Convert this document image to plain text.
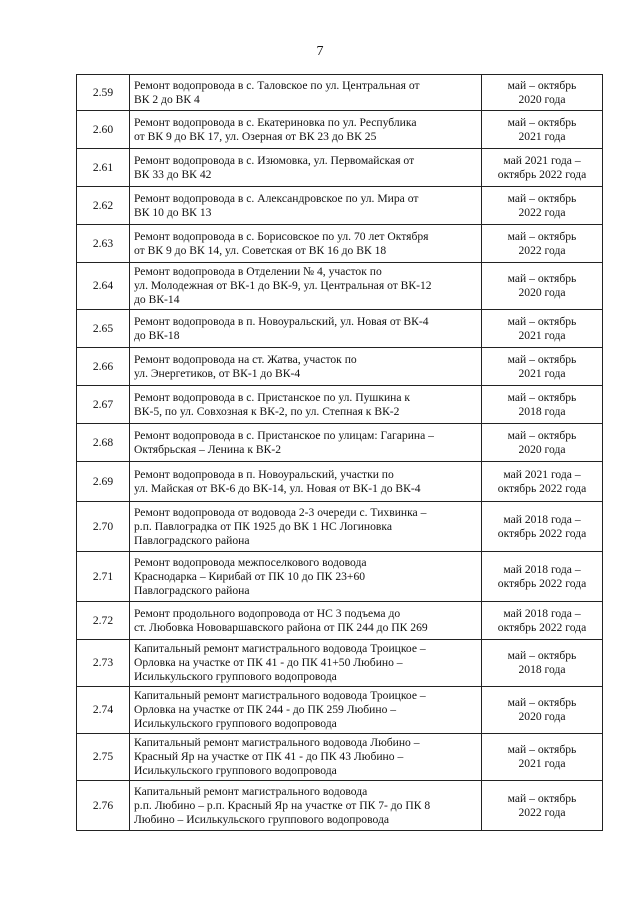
7
2.59	Ремонт водопровода в с. Таловское по ул. Центральная от
ВК 2 до ВК 4	май – октябрь
2020 года

2.60	Ремонт водопровода в с. Екатериновка по ул. Республика
от ВК 9 до ВК 17, ул. Озерная от ВК 23 до ВК 25	май – октябрь
2021 года

2.61	Ремонт водопровода в с. Изюмовка, ул. Первомайская от
ВК 33 до ВК 42	май 2021 года –
октябрь 2022 года

2.62	Ремонт водопровода в с. Александровское по ул. Мира от
ВК 10 до ВК 13	май – октябрь
2022 года

2.63	Ремонт водопровода в с. Борисовское по ул. 70 лет Октября
от ВК 9 до ВК 14, ул. Советская от ВК 16 до ВК 18	май – октябрь
2022 года

2.64	Ремонт водопровода в Отделении № 4, участок по
ул. Молодежная от ВК-1 до ВК-9, ул. Центральная от ВК-12
до ВК-14	май – октябрь
2020 года

2.65	Ремонт водопровода в п. Новоуральский, ул. Новая от ВК-4
до ВК-18	май – октябрь
2021 года

2.66	Ремонт водопровода на ст. Жатва, участок по
ул. Энергетиков, от ВК-1 до ВК-4	май – октябрь
2021 года

2.67	Ремонт водопровода в с. Пристанское по ул. Пушкина к
ВК-5, по ул. Совхозная к ВК-2, по ул. Степная к ВК-2	май – октябрь
2018 года

2.68	Ремонт водопровода в с. Пристанское по улицам: Гагарина –
Октябрьская – Ленина к ВК-2	май – октябрь
2020 года

2.69	Ремонт водопровода в п. Новоуральский, участки по
ул. Майская от ВК-6 до ВК-14, ул. Новая от ВК-1 до ВК-4	май 2021 года –
октябрь 2022 года

2.70	Ремонт водопровода от водовода 2-3 очереди с. Тихвинка –
р.п. Павлоградка от ПК 1925 до ВК 1 НС Логиновка
Павлоградского района	май 2018 года –
октябрь 2022 года

2.71	Ремонт водопровода межпоселкового водовода
Краснодарка – Кирибай от ПК 10 до ПК 23+60
Павлоградского района	май 2018 года –
октябрь 2022 года

2.72	Ремонт продольного водопровода от НС 3 подъема до
ст. Любовка Нововаршавского района от ПК 244 до ПК 269	май 2018 года –
октябрь 2022 года

2.73	Капитальный ремонт магистрального водовода Троицкое –
Орловка на участке от ПК 41 - до ПК 41+50 Любино –
Исилькульского группового водопровода	май – октябрь
2018 года

2.74	Капитальный ремонт магистрального водовода Троицкое –
Орловка на участке от ПК 244 - до ПК 259 Любино –
Исилькульского группового водопровода	май – октябрь
2020 года

2.75	Капитальный ремонт магистрального водовода Любино –
Красный Яр на участке от ПК 41 - до ПК 43 Любино –
Исилькульского группового водопровода	май – октябрь
2021 года

2.76	Капитальный ремонт магистрального водовода
р.п. Любино – р.п. Красный Яр на участке от ПК 7- до ПК 8
Любино – Исилькульского группового водопровода	май – октябрь
2022 года
